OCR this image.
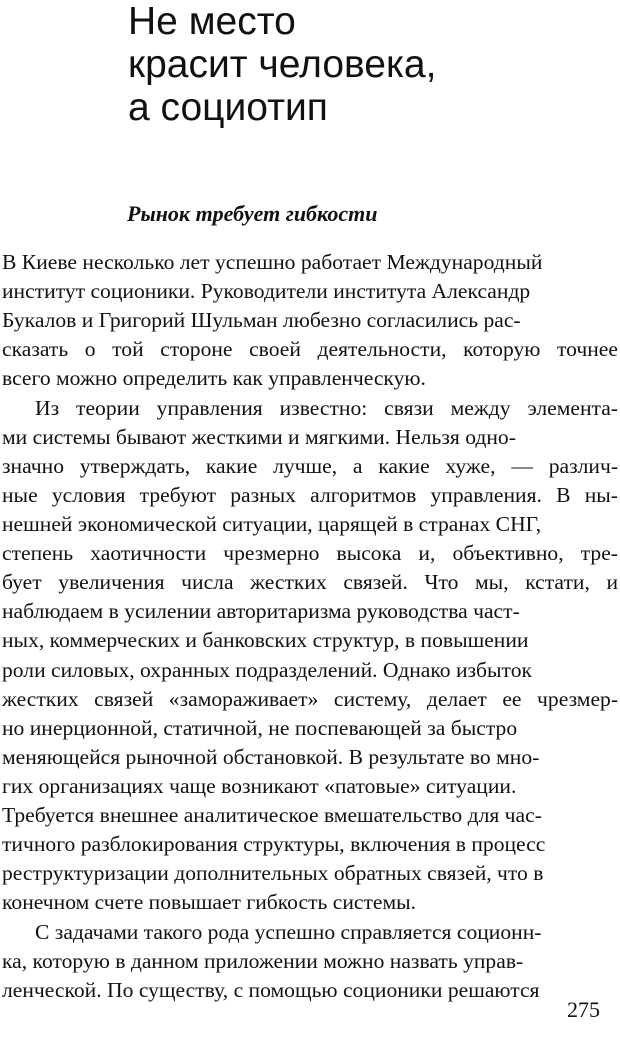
Не место
красит человека,
а социотип
Рынок требует гибкости
В Киеве несколько лет успешно работает Международный
институт соционики. Руководители института Александр
Букалов и Григорий Шульман любезно согласились рас-
сказать о той стороне своей деятельности, которую точнее
всего можно определить как управленческую.
Из теории управления известно: связи между элемента-
ми системы бывают жесткими и мягкими. Нельзя одно-
значно утверждать, какие лучше, а какие хуже, — различ-
ные условия требуют разных алгоритмов управления. В ны-
нешней экономической ситуации, царящей в странах СНГ,
степень хаотичности чрезмерно высока и, объективно, тре-
бует увеличения числа жестких связей. Что мы, кстати, и
наблюдаем в усилении авторитаризма руководства част-
ных, коммерческих и банковских структур, в повышении
роли силовых, охранных подразделений. Однако избыток
жестких связей «замораживает» систему, делает ее чрезмер-
но инерционной, статичной, не поспевающей за быстро
меняющейся рыночной обстановкой. В результате во мно-
гих организациях чаще возникают «патовые» ситуации.
Требуется внешнее аналитическое вмешательство для час-
тичного разблокирования структуры, включения в процесс
реструктуризации дополнительных обратных связей, что в
конечном счете повышает гибкость системы.
С задачами такого рода успешно справляется соционн-
ка, которую в данном приложении можно назвать управ-
ленческой. По существу, с помощью соционики решаются
275
